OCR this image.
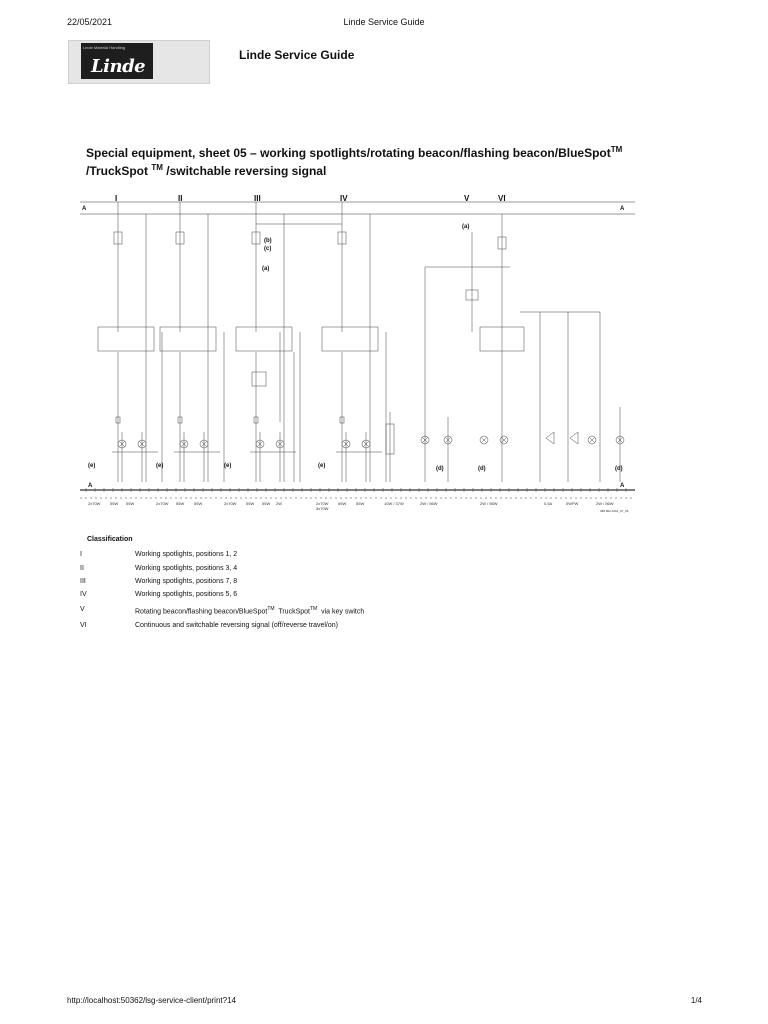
22/05/2021	Linde Service Guide
Linde Material Handling
Linde
Linde Service Guide
Special equipment, sheet 05 – working spotlights/rotating beacon/flashing beacon/BlueSpot™
/TruckSpot ™ /switchable reversing signal
I	II	III	IV	V	VI
A	A
A	A
(e)	(e)	(e)	(e)	(d)	(d)	(d)
(a)
(a)
(b)
(c)
2x70W 55W 55W	2x70W 55W 55W	2x70W 55W 55W 2W	2x70W
3x70W
55W 55W	10W / 37W	2W / 56W	2W / 56W	0.5A	0WPW	2W / 56W
388 802 0201_07_06
Classification
I	Working spotlights, positions 1, 2
II	Working spotlights, positions 3, 4
III	Working spotlights, positions 7, 8
IV	Working spotlights, positions 5, 6
V	Rotating beacon/flashing beacon/BlueSpot™  TruckSpot™  via key switch
VI	Continuous and switchable reversing signal (off/reverse travel/on)
http://localhost:50362/lsg-service-client/print?14	1/4
